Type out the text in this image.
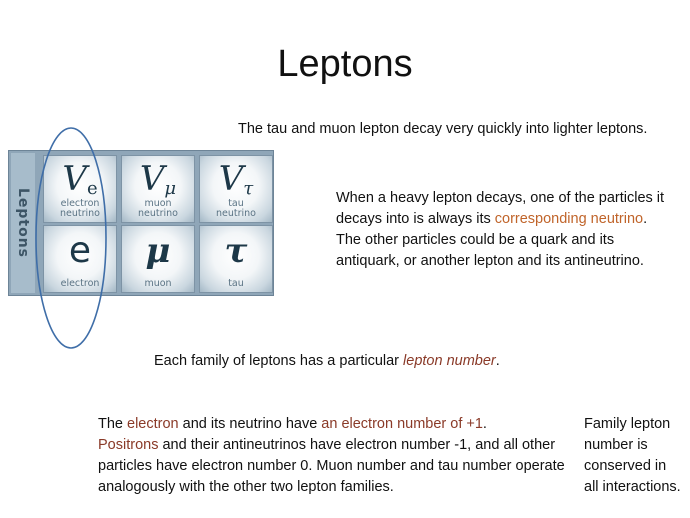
Leptons
The tau and muon lepton decay very quickly into lighter leptons.
When a heavy lepton decays, one of the particles it decays into is always its corresponding neutrino. The other particles could be a quark and its antiquark, or another lepton and its antineutrino.
Each family of leptons has a particular lepton number.
The electron and its neutrino have an electron number of +1.
Positrons and their antineutrinos have electron number -1, and all other particles have electron number 0. Muon number and tau number operate analogously with the other two lepton families.
Family lepton number is conserved in all interactions.
Leptons
$V_e$
electron
neutrino
$V_\mu$
muon
neutrino
$V_\tau$
tau
neutrino
e
electron
μ
muon
τ
tau
